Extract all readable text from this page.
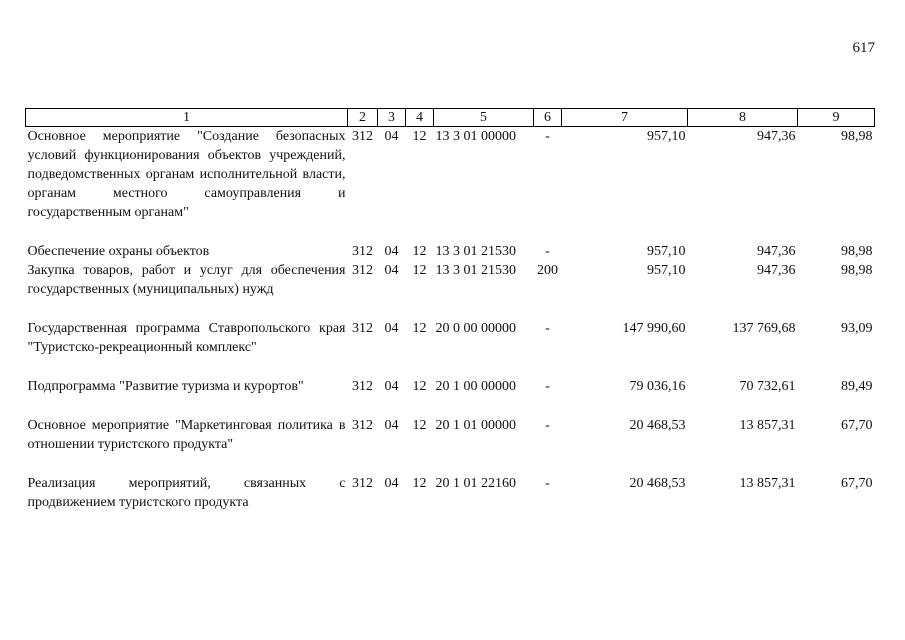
617
1	2	3	4	5	6	7	8	9
Основное мероприятие "Создание безопасных условий функционирования объектов учреждений, подведомственных органам исполнительной власти, органам местного самоуправления и государственным органам"	312	04	12	13 3 01 00000	-	957,10	947,36	98,98

Обеспечение охраны объектов	312	04	12	13 3 01 21530	-	957,10	947,36	98,98
Закупка товаров, работ и услуг для обеспечения государственных (муниципальных) нужд	312	04	12	13 3 01 21530	200	957,10	947,36	98,98

Государственная программа Ставропольского края "Туристско-рекреационный комплекс"	312	04	12	20 0 00 00000	-	147 990,60	137 769,68	93,09

Подпрограмма "Развитие туризма и курортов"	312	04	12	20 1 00 00000	-	79 036,16	70 732,61	89,49

Основное мероприятие "Маркетинговая политика в отношении туристского продукта"	312	04	12	20 1 01 00000	-	20 468,53	13 857,31	67,70

Реализация мероприятий, связанных с продвижением туристского продукта	312	04	12	20 1 01 22160	-	20 468,53	13 857,31	67,70
